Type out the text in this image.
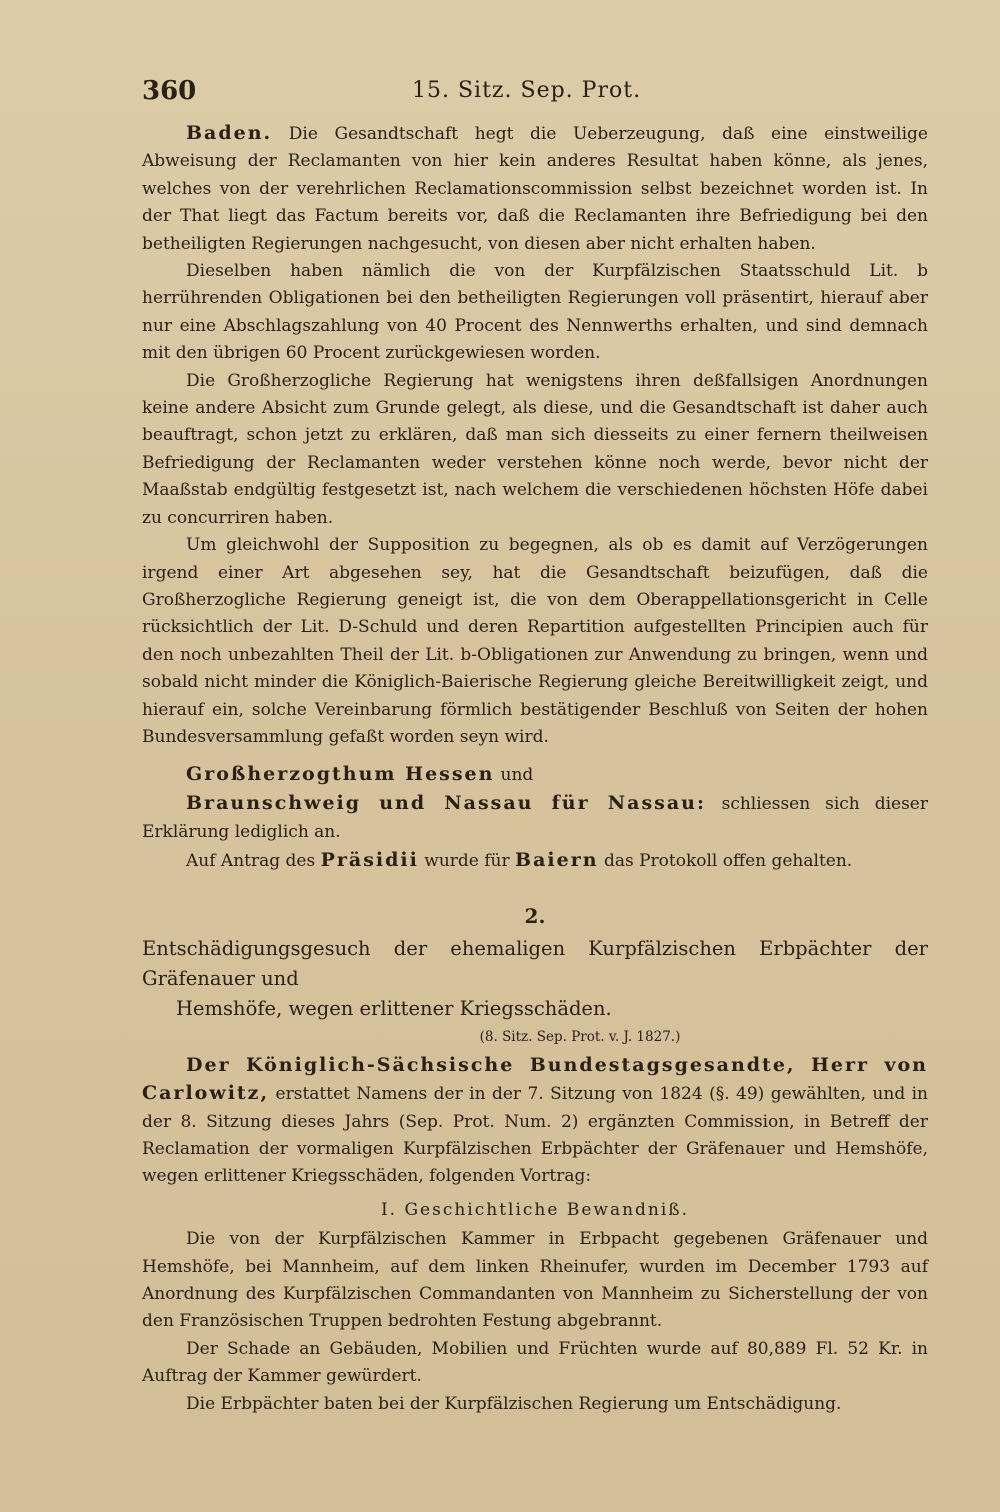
360	15. Sitz. Sep. Prot.

Baden. Die Gesandtschaft hegt die Ueberzeugung, daß eine einstweilige Abweisung der Reclamanten von hier kein anderes Resultat haben könne, als jenes, welches von der verehrlichen Reclamationscommission selbst bezeichnet worden ist. In der That liegt das Factum bereits vor, daß die Reclamanten ihre Befriedigung bei den betheiligten Regierungen nachgesucht, von diesen aber nicht erhalten haben.

Dieselben haben nämlich die von der Kurpfälzischen Staatsschuld Lit. b herrührenden Obligationen bei den betheiligten Regierungen voll präsentirt, hierauf aber nur eine Abschlagszahlung von 40 Procent des Nennwerths erhalten, und sind demnach mit den übrigen 60 Procent zurückgewiesen worden.

Die Großherzogliche Regierung hat wenigstens ihren deßfallsigen Anordnungen keine andere Absicht zum Grunde gelegt, als diese, und die Gesandtschaft ist daher auch beauftragt, schon jetzt zu erklären, daß man sich diesseits zu einer fernern theilweisen Befriedigung der Reclamanten weder verstehen könne noch werde, bevor nicht der Maaßstab endgültig festgesetzt ist, nach welchem die verschiedenen höchsten Höfe dabei zu concurriren haben.

Um gleichwohl der Supposition zu begegnen, als ob es damit auf Verzögerungen irgend einer Art abgesehen sey, hat die Gesandtschaft beizufügen, daß die Großherzogliche Regierung geneigt ist, die von dem Oberappellationsgericht in Celle rücksichtlich der Lit. D-Schuld und deren Repartition aufgestellten Principien auch für den noch unbezahlten Theil der Lit. b-Obligationen zur Anwendung zu bringen, wenn und sobald nicht minder die Königlich-Baierische Regierung gleiche Bereitwilligkeit zeigt, und hierauf ein, solche Vereinbarung förmlich bestätigender Beschluß von Seiten der hohen Bundesversammlung gefaßt worden seyn wird.

Großherzogthum Hessen und

Braunschweig und Nassau für Nassau: schliessen sich dieser Erklärung lediglich an.

Auf Antrag des Präsidii wurde für Baiern das Protokoll offen gehalten.

2.

Entschädigungsgesuch der ehemaligen Kurpfälzischen Erbpächter der Gräfenauer und
Hemshöfe, wegen erlittener Kriegsschäden.

(8. Sitz. Sep. Prot. v. J. 1827.)

Der Königlich-Sächsische Bundestagsgesandte, Herr von Carlowitz, erstattet Namens der in der 7. Sitzung von 1824 (§. 49) gewählten, und in der 8. Sitzung dieses Jahrs (Sep. Prot. Num. 2) ergänzten Commission, in Betreff der Reclamation der vormaligen Kurpfälzischen Erbpächter der Gräfenauer und Hemshöfe, wegen erlittener Kriegsschäden, folgenden Vortrag:

I. Geschichtliche Bewandniß.

Die von der Kurpfälzischen Kammer in Erbpacht gegebenen Gräfenauer und Hemshöfe, bei Mannheim, auf dem linken Rheinufer, wurden im December 1793 auf Anordnung des Kurpfälzischen Commandanten von Mannheim zu Sicherstellung der von den Französischen Truppen bedrohten Festung abgebrannt.

Der Schade an Gebäuden, Mobilien und Früchten wurde auf 80,889 Fl. 52 Kr. in Auftrag der Kammer gewürdert.

Die Erbpächter baten bei der Kurpfälzischen Regierung um Entschädigung.
